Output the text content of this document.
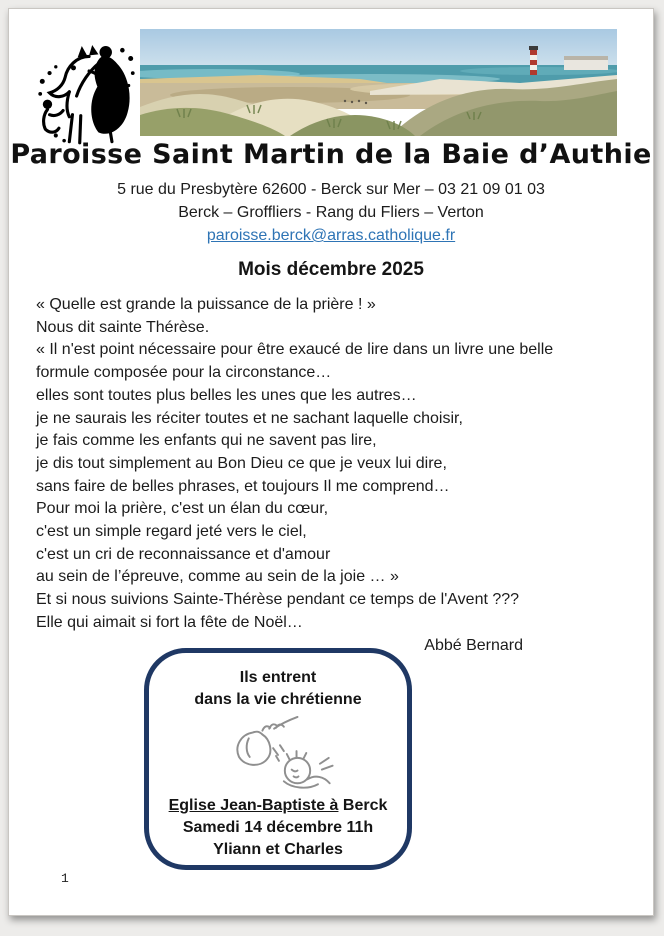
Paroisse Saint Martin de la Baie d’Authie
5 rue du Presbytère 62600 - Berck sur Mer – 03 21 09 01 03
Berck – Groffliers - Rang du Fliers – Verton
paroisse.berck@arras.catholique.fr
Mois décembre 2025
« Quelle est grande la puissance de la prière ! »
Nous dit sainte Thérèse.
« Il n'est point nécessaire pour être exaucé de lire dans un livre une belle
formule composée pour la circonstance…
elles sont toutes plus belles les unes que les autres…
je ne saurais les réciter toutes et ne sachant laquelle choisir,
je fais comme les enfants qui ne savent pas lire,
je dis tout simplement au Bon Dieu ce que je veux lui dire,
sans faire de belles phrases, et toujours Il me comprend…
Pour moi la prière, c'est un élan du cœur,
c'est un simple regard jeté vers le ciel,
c'est un cri de reconnaissance et d'amour
au sein de l’épreuve, comme au sein de la joie … »
Et si nous suivions Sainte-Thérèse pendant ce temps de l'Avent ???
Elle qui aimait si fort la fête de Noël…
Abbé Bernard
Ils entrent
dans la vie chrétienne
Eglise Jean-Baptiste à Berck
Samedi 14 décembre 11h
Yliann et Charles
1
